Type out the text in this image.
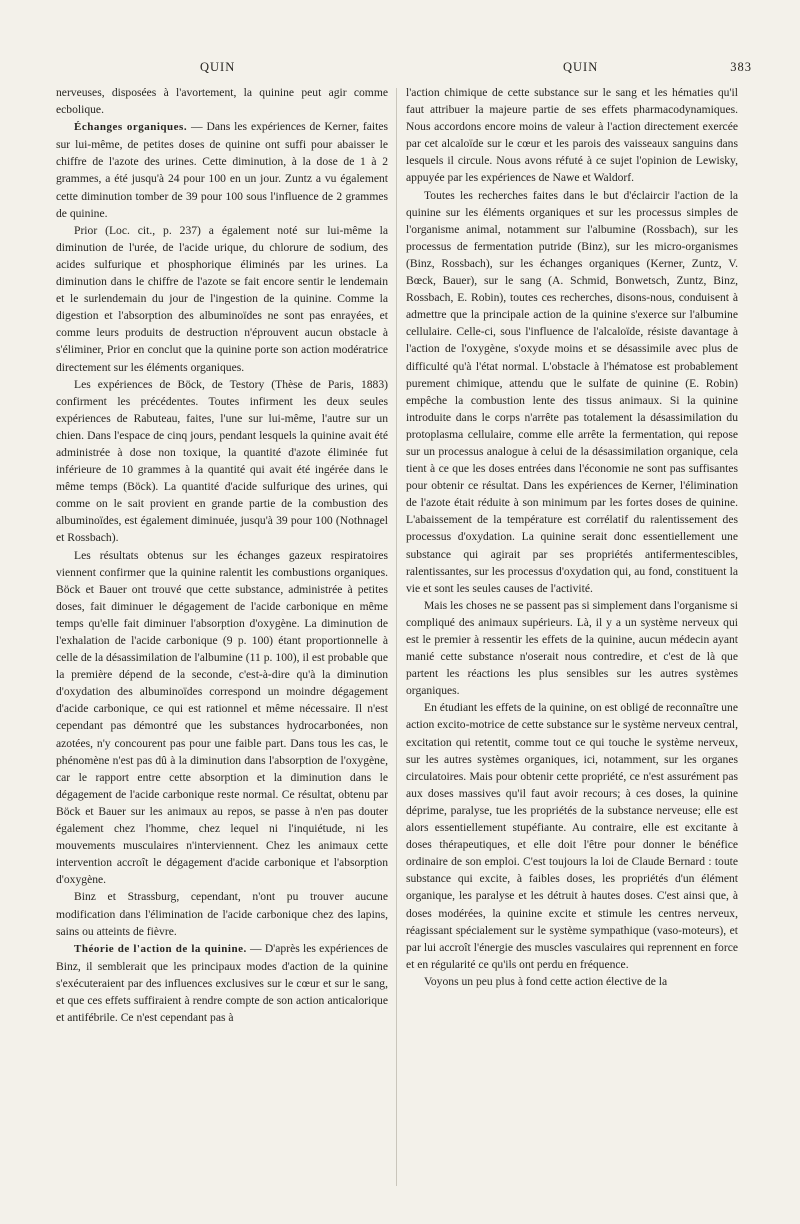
QUIN	QUIN	383

nerveuses, disposées à l'avortement, la quinine peut agir comme ecbolique.

Échanges organiques. — Dans les expériences de Kerner, faites sur lui-même, de petites doses de quinine ont suffi pour abaisser le chiffre de l'azote des urines. Cette diminution, à la dose de 1 à 2 grammes, a été jusqu'à 24 pour 100 en un jour. Zuntz a vu également cette diminution tomber de 39 pour 100 sous l'influence de 2 grammes de quinine.

Prior (Loc. cit., p. 237) a également noté sur lui-même la diminution de l'urée, de l'acide urique, du chlorure de sodium, des acides sulfurique et phosphorique éliminés par les urines. La diminution dans le chiffre de l'azote se fait encore sentir le lendemain et le surlendemain du jour de l'ingestion de la quinine. Comme la digestion et l'absorption des albuminoïdes ne sont pas enrayées, et comme leurs produits de destruction n'éprouvent aucun obstacle à s'éliminer, Prior en conclut que la quinine porte son action modératrice directement sur les éléments organiques.

Les expériences de Böck, de Testory (Thèse de Paris, 1883) confirment les précédentes. Toutes infirment les deux seules expériences de Rabuteau, faites, l'une sur lui-même, l'autre sur un chien. Dans l'espace de cinq jours, pendant lesquels la quinine avait été administrée à dose non toxique, la quantité d'azote éliminée fut inférieure de 10 grammes à la quantité qui avait été ingérée dans le même temps (Böck). La quantité d'acide sulfurique des urines, qui comme on le sait provient en grande partie de la combustion des albuminoïdes, est également diminuée, jusqu'à 39 pour 100 (Nothnagel et Rossbach).

Les résultats obtenus sur les échanges gazeux respiratoires viennent confirmer que la quinine ralentit les combustions organiques. Böck et Bauer ont trouvé que cette substance, administrée à petites doses, fait diminuer le dégagement de l'acide carbonique en même temps qu'elle fait diminuer l'absorption d'oxygène. La diminution de l'exhalation de l'acide carbonique (9 p. 100) étant proportionnelle à celle de la désassimilation de l'albumine (11 p. 100), il est probable que la première dépend de la seconde, c'est-à-dire qu'à la diminution d'oxydation des albuminoïdes correspond un moindre dégagement d'acide carbonique, ce qui est rationnel et même nécessaire. Il n'est cependant pas démontré que les substances hydrocarbonées, non azotées, n'y concourent pas pour une faible part. Dans tous les cas, le phénomène n'est pas dû à la diminution dans l'absorption de l'oxygène, car le rapport entre cette absorption et la diminution dans le dégagement de l'acide carbonique reste normal. Ce résultat, obtenu par Böck et Bauer sur les animaux au repos, se passe à n'en pas douter également chez l'homme, chez lequel ni l'inquiétude, ni les mouvements musculaires n'interviennent. Chez les animaux cette intervention accroît le dégagement d'acide carbonique et l'absorption d'oxygène.

Binz et Strassburg, cependant, n'ont pu trouver aucune modification dans l'élimination de l'acide carbonique chez des lapins, sains ou atteints de fièvre.

Théorie de l'action de la quinine. — D'après les expériences de Binz, il semblerait que les principaux modes d'action de la quinine s'exécuteraient par des influences exclusives sur le cœur et sur le sang, et que ces effets suffiraient à rendre compte de son action anticalorique et antifébrile. Ce n'est cependant pas à

l'action chimique de cette substance sur le sang et les hématies qu'il faut attribuer la majeure partie de ses effets pharmacodynamiques. Nous accordons encore moins de valeur à l'action directement exercée par cet alcaloïde sur le cœur et les parois des vaisseaux sanguins dans lesquels il circule. Nous avons réfuté à ce sujet l'opinion de Lewisky, appuyée par les expériences de Nawe et Waldorf.

Toutes les recherches faites dans le but d'éclaircir l'action de la quinine sur les éléments organiques et sur les processus simples de l'organisme animal, notamment sur l'albumine (Rossbach), sur les processus de fermentation putride (Binz), sur les micro-organismes (Binz, Rossbach), sur les échanges organiques (Kerner, Zuntz, V. Bœck, Bauer), sur le sang (A. Schmid, Bonwetsch, Zuntz, Binz, Rossbach, E. Robin), toutes ces recherches, disons-nous, conduisent à admettre que la principale action de la quinine s'exerce sur l'albumine cellulaire. Celle-ci, sous l'influence de l'alcaloïde, résiste davantage à l'action de l'oxygène, s'oxyde moins et se désassimile avec plus de difficulté qu'à l'état normal. L'obstacle à l'hématose est probablement purement chimique, attendu que le sulfate de quinine (E. Robin) empêche la combustion lente des tissus animaux. Si la quinine introduite dans le corps n'arrête pas totalement la désassimilation du protoplasma cellulaire, comme elle arrête la fermentation, qui repose sur un processus analogue à celui de la désassimilation organique, cela tient à ce que les doses entrées dans l'économie ne sont pas suffisantes pour obtenir ce résultat. Dans les expériences de Kerner, l'élimination de l'azote était réduite à son minimum par les fortes doses de quinine. L'abaissement de la température est corrélatif du ralentissement des processus d'oxydation. La quinine serait donc essentiellement une substance qui agirait par ses propriétés antifermentescibles, ralentissantes, sur les processus d'oxydation qui, au fond, constituent la vie et sont les seules causes de l'activité.

Mais les choses ne se passent pas si simplement dans l'organisme si compliqué des animaux supérieurs. Là, il y a un système nerveux qui est le premier à ressentir les effets de la quinine, aucun médecin ayant manié cette substance n'oserait nous contredire, et c'est de là que partent les réactions les plus sensibles sur les autres systèmes organiques.

En étudiant les effets de la quinine, on est obligé de reconnaître une action excito-motrice de cette substance sur le système nerveux central, excitation qui retentit, comme tout ce qui touche le système nerveux, sur les autres systèmes organiques, ici, notamment, sur les organes circulatoires. Mais pour obtenir cette propriété, ce n'est assurément pas aux doses massives qu'il faut avoir recours; à ces doses, la quinine déprime, paralyse, tue les propriétés de la substance nerveuse; elle est alors essentiellement stupéfiante. Au contraire, elle est excitante à doses thérapeutiques, et elle doit l'être pour donner le bénéfice ordinaire de son emploi. C'est toujours la loi de Claude Bernard : toute substance qui excite, à faibles doses, les propriétés d'un élément organique, les paralyse et les détruit à hautes doses. C'est ainsi que, à doses modérées, la quinine excite et stimule les centres nerveux, réagissant spécialement sur le système sympathique (vaso-moteurs), et par lui accroît l'énergie des muscles vasculaires qui reprennent en force et en régularité ce qu'ils ont perdu en fréquence.

Voyons un peu plus à fond cette action élective de la
